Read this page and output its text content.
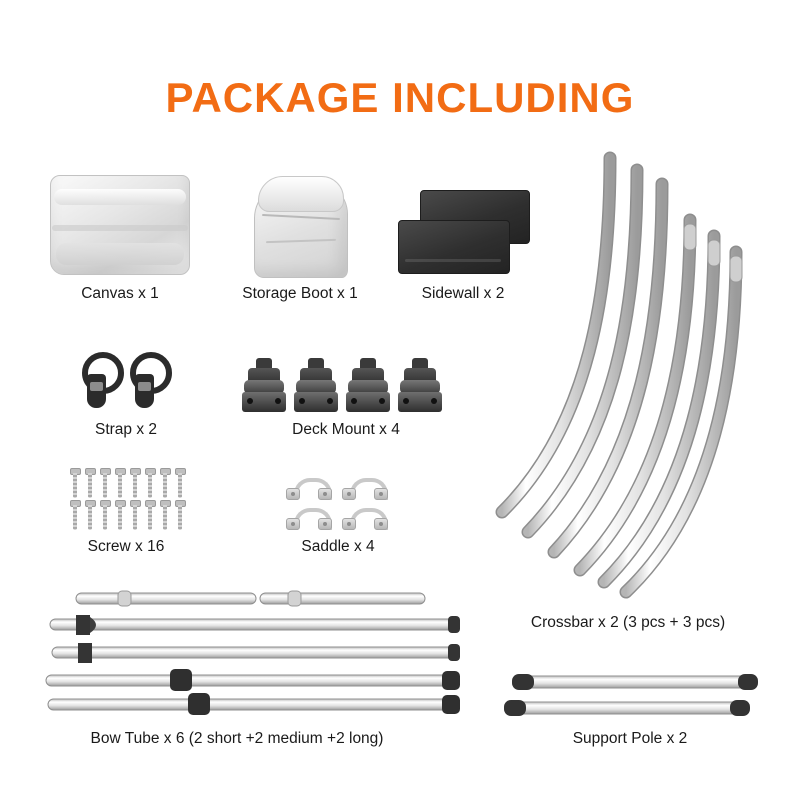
PACKAGE INCLUDING
Canvas x 1	Storage Boot x 1	Sidewall x 2
Strap x 2	Deck Mount x 4
Screw x 16	Saddle x 4
Crossbar x 2 (3 pcs + 3 pcs)
Bow Tube x 6 (2 short +2 medium +2 long)	Support Pole x 2
